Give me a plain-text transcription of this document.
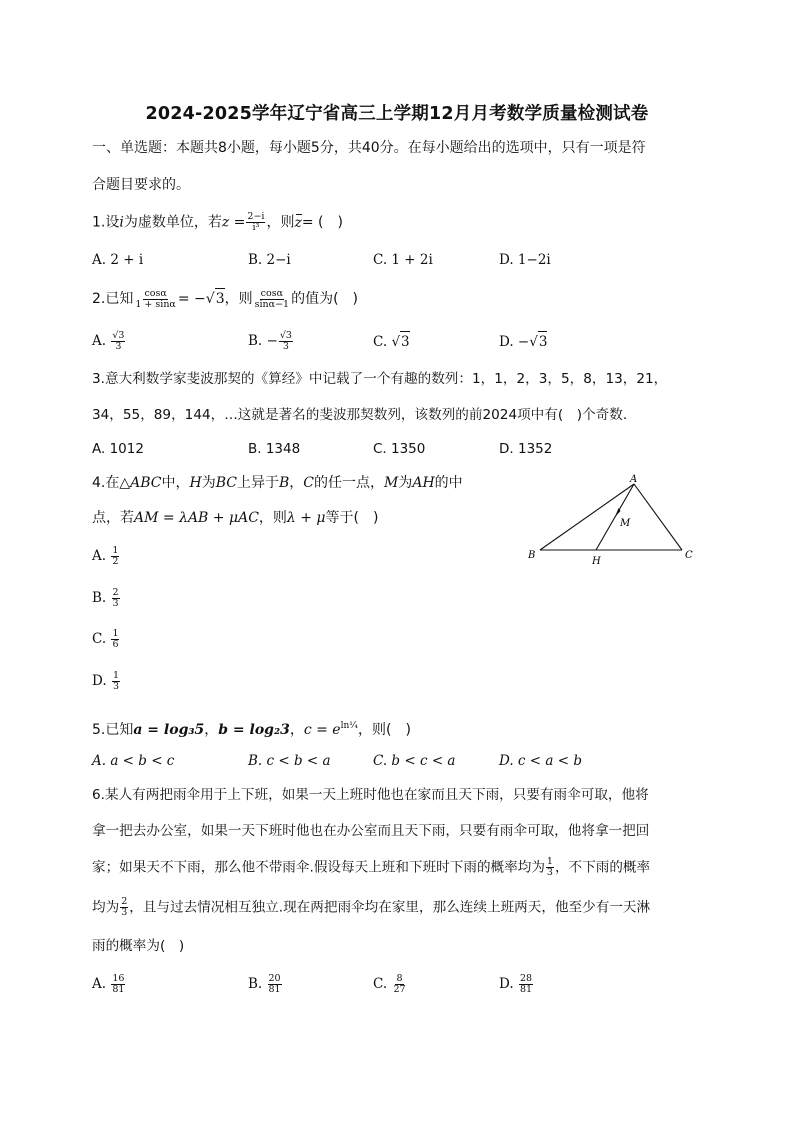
2024-2025学年辽宁省高三上学期12月月考数学质量检测试卷
一、单选题：本题共8小题，每小题5分，共40分。在每小题给出的选项中，只有一项是符
合题目要求的。
1.设i为虚数单位，若$z = \frac{2-i}{\text{i³}}$ ，则z= (　)
A. 2 + i	B. 2−i	C. 1 + 2i	D. 1−2i
2.已知 $\frac{\cos\alpha}{1 + \sin\alpha} = -√3$，则 $\frac{\cos\alpha}{\sin\alpha-1}$ 的值为(　)
A. $\frac{√3}{3}$	B. − $\frac{√3}{3}$	C. √3	D. −√3
3.意大利数学家斐波那契的《算经》中记载了一个有趣的数列：1，1，2，3，5，8，13，21，
34，55，89，144，…这就是著名的斐波那契数列，该数列的前2024项中有(　)个奇数.
A. 1012	B. 1348	C. 1350	D. 1352
4.在△ABC中，H为BC上异于B，C的任一点，M为AH的中
点，若AM = λAB + μAC，则λ + μ等于(　)
A
B	C
H
M
A. $\frac{1}{2}$
B. $\frac{2}{3}$
C. $\frac{1}{6}$
D. $\frac{1}{3}$
5.已知a = log₃5，b = log₂3，$c = e^{ln^1⁄_4}$，则(　)
A. a < b < c	B. c < b < a	C. b < c < a	D. c < a < b
6.某人有两把雨伞用于上下班，如果一天上班时他也在家而且天下雨，只要有雨伞可取，他将
拿一把去办公室，如果一天下班时他也在办公室而且天下雨，只要有雨伞可取，他将拿一把回
家；如果天不下雨，那么他不带雨伞.假设每天上班和下班时下雨的概率均为 $\frac{1}{3}$ ，不下雨的概率
均为 $\frac{2}{3}$ ，且与过去情况相互独立.现在两把雨伞均在家里，那么连续上班两天，他至少有一天淋
雨的概率为(　)
A. $\frac{16}{81}$	B. $\frac{20}{81}$	C. $\frac{8}{27}$	D. $\frac{28}{81}$
